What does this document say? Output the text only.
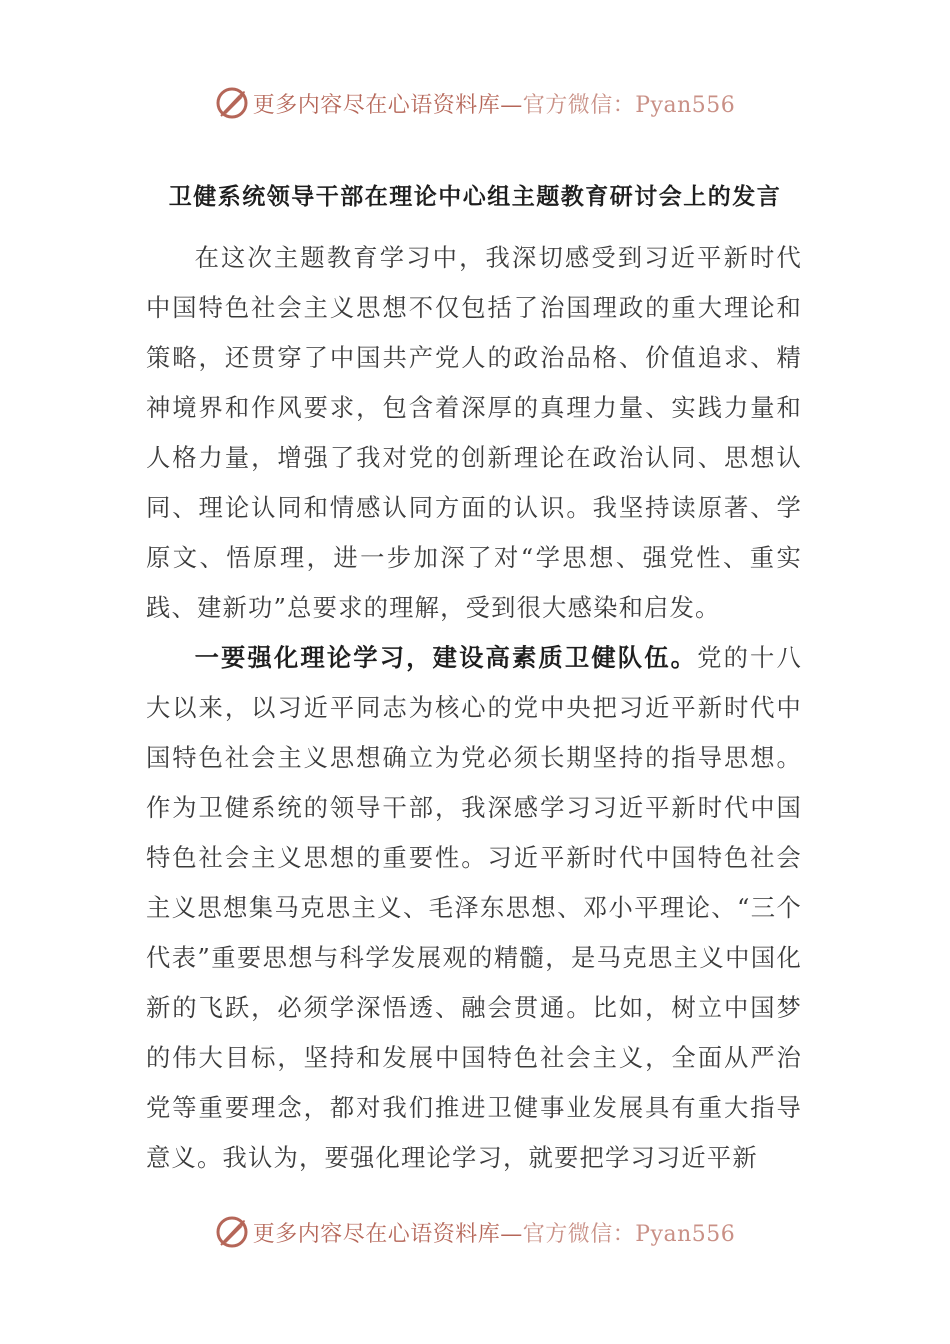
更多内容尽在心语资料库—官方微信：Pyan556
卫健系统领导干部在理论中心组主题教育研讨会上的发言

在这次主题教育学习中，我深切感受到习近平新时代中国特色社会主义思想不仅包括了治国理政的重大理论和策略，还贯穿了中国共产党人的政治品格、价值追求、精神境界和作风要求，包含着深厚的真理力量、实践力量和人格力量，增强了我对党的创新理论在政治认同、思想认同、理论认同和情感认同方面的认识。我坚持读原著、学原文、悟原理，进一步加深了对“学思想、强党性、重实践、建新功”总要求的理解，受到很大感染和启发。

一要强化理论学习，建设高素质卫健队伍。党的十八大以来，以习近平同志为核心的党中央把习近平新时代中国特色社会主义思想确立为党必须长期坚持的指导思想。作为卫健系统的领导干部，我深感学习习近平新时代中国特色社会主义思想的重要性。习近平新时代中国特色社会主义思想集马克思主义、毛泽东思想、邓小平理论、“三个代表”重要思想与科学发展观的精髓，是马克思主义中国化新的飞跃，必须学深悟透、融会贯通。比如，树立中国梦的伟大目标，坚持和发展中国特色社会主义，全面从严治党等重要理念，都对我们推进卫健事业发展具有重大指导意义。我认为，要强化理论学习，就要把学习习近平新

更多内容尽在心语资料库—官方微信：Pyan556
